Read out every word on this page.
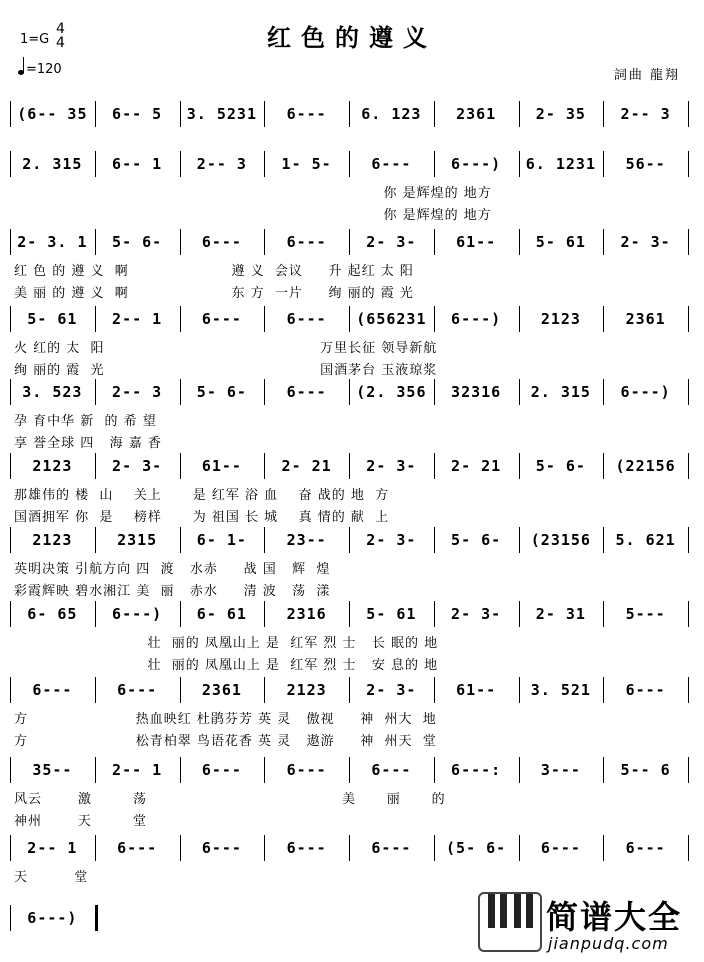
红色的遵义
1=G
4
4
=120	詞曲 龍翔
(6-- 35	6-- 5	3. 5231	6---	6. 123	2361	2- 35	2-- 3
2. 315	6-- 1	2-- 3	1- 5-	6---	6---)	6. 1231	56--
你 是辉煌的 地方
你 是辉煌的 地方
2- 3. 1	5- 6-	6---	6---	2- 3-	61--	5- 61	2- 3-
红 色 的 遵 义  啊                    遵 义  会议     升 起红 太 阳
美 丽 的 遵 义  啊                    东 方  一片     绚 丽的 霞 光
5- 61	2-- 1	6---	6---	(656231	6---)	2123	2361
火 红的 太  阳                                          万里长征 领导新航
绚 丽的 霞  光                                          国酒茅台 玉液琼浆
3. 523	2-- 3	5- 6-	6---	(2. 356	32316	2. 315	6---)
孕 育中华 新  的 希 望
享 誉全球 四   海 嘉 香
2123	2- 3-	61--	2- 21	2- 3-	2- 21	5- 6-	(22156
那雄伟的 楼  山    关上      是 红军 浴 血    奋 战的 地  方
国酒拥军 你  是    榜样      为 祖国 长 城    真 情的 献  上
2123	2315	6- 1-	23--	2- 3-	5- 6-	(23156	5. 621
英明决策 引航方向 四  渡   水赤     战 国   辉  煌
彩霞辉映 碧水湘江 美  丽   赤水     清 波   荡  漾
6- 65	6---)	6- 61	2316	5- 61	2- 3-	2- 31	5---
壮  丽的 凤凰山上 是  红军 烈 士   长 眠的 地
壮  丽的 凤凰山上 是  红军 烈 士   安 息的 地
6---	6---	2361	2123	2- 3-	61--	3. 521	6---
方                     热血映红 杜鹃芬芳 英 灵   傲视     神  州大  地
方                     松青柏翠 鸟语花香 英 灵   遨游     神  州天  堂
35--	2-- 1	6---	6---	6---	6---:	3---	5-- 6
风云       激        荡                                      美      丽      的
神州       天        堂
2-- 1	6---	6---	6---	6---	(5- 6-	6---	6---
天         堂
6---)	简谱大全
jianpudq.com
